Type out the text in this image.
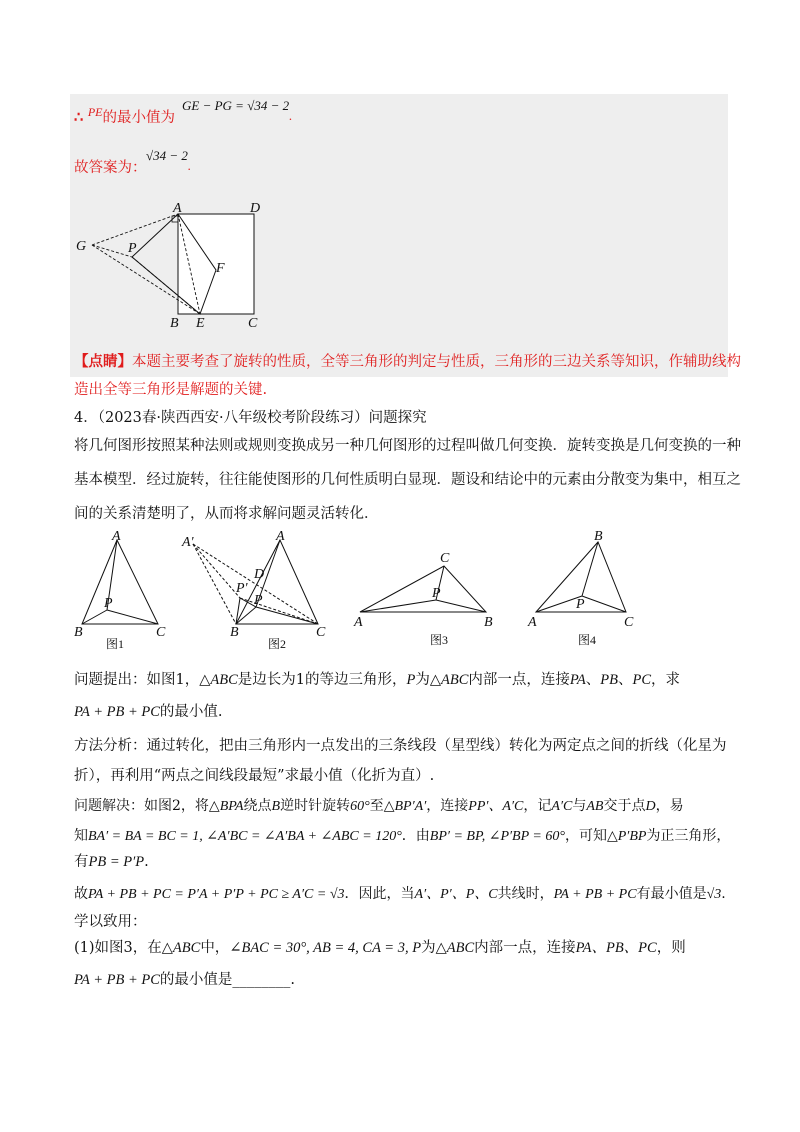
∴ $^{PE}$的最小值为
GE − PG = √34 − 2.
故答案为：
√34 − 2.
A	D
G	P
F
B E	C
【点睛】本题主要考查了旋转的性质，全等三角形的判定与性质，三角形的三边关系等知识，作辅助线构
造出全等三角形是解题的关键.
4．（2023春·陕西西安·八年级校考阶段练习）问题探究
将几何图形按照某种法则或规则变换成另一种几何图形的过程叫做几何变换．旋转变换是几何变换的一种
基本模型．经过旋转，往往能使图形的几何性质明白显现．题设和结论中的元素由分散变为集中，相互之
间的关系清楚明了，从而将求解问题灵活转化．
A
P
B	C
图1
A'	A
D
P'
P
B	C
图2
C
P
A	B
图3
B
P
A	C
图4
问题提出：如图1，△ABC是边长为1的等边三角形，P为△ABC内部一点，连接PA、PB、PC，求
PA + PB + PC的最小值.
方法分析：通过转化，把由三角形内一点发出的三条线段（星型线）转化为两定点之间的折线（化星为
折），再利用“两点之间线段最短”求最小值（化折为直）.
问题解决：如图2，将△BPA绕点B逆时针旋转60°至△BP′A′，连接PP′、A′C，记A′C与AB交于点D，易
知BA′ = BA = BC = 1, ∠A′BC = ∠A′BA + ∠ABC = 120°．由BP′ = BP, ∠P′BP = 60°，可知△P′BP为正三角形，
有PB = P′P.
故PA + PB + PC = P′A + P′P + PC ≥ A′C = √3．因此，当A′、P′、P、C共线时，PA + PB + PC有最小值是√3.
学以致用：
(1)如图3，在△ABC中，∠BAC = 30°, AB = 4, CA = 3, P为△ABC内部一点，连接PA、PB、PC，则
PA + PB + PC的最小值是________.
